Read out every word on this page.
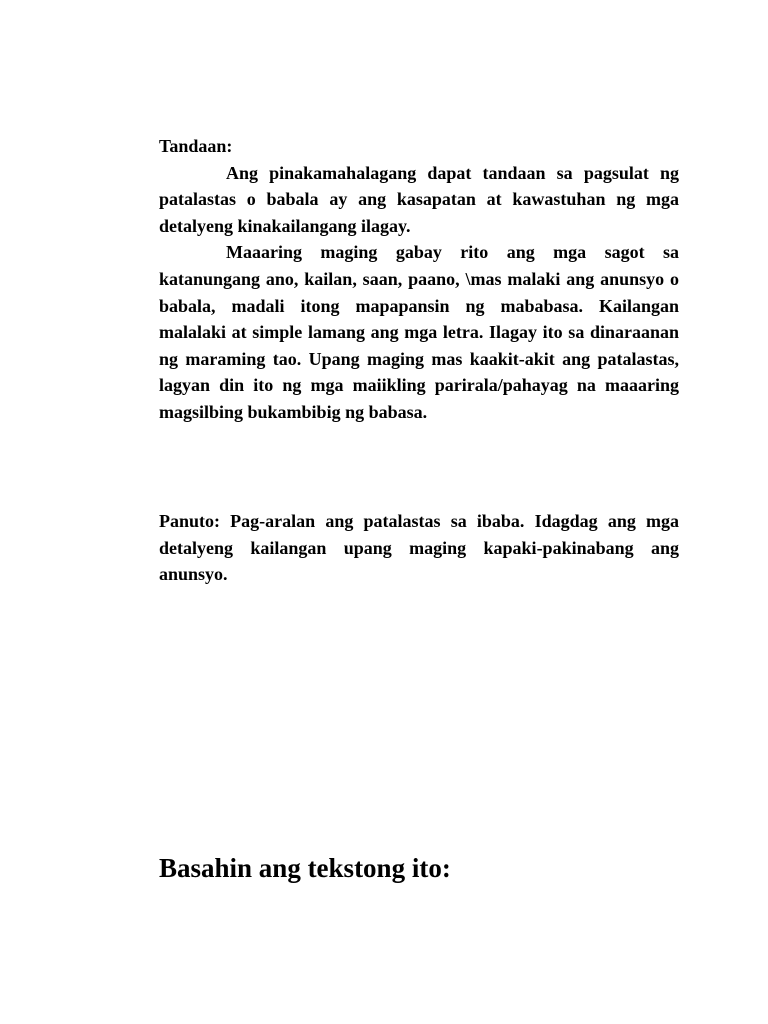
Tandaan:

Ang pinakamahalagang dapat tandaan sa pagsulat ng patalastas o babala ay ang kasapatan at kawastuhan ng mga detalyeng kinakailangang ilagay.

Maaaring maging gabay rito ang mga sagot sa katanungang ano, kailan, saan, paano, \mas malaki ang anunsyo o babala, madali itong mapapansin ng mababasa. Kailangan malalaki at simple lamang ang mga letra. Ilagay ito sa dinaraanan ng maraming tao. Upang maging mas kaakit-akit ang patalastas, lagyan din ito ng mga maiikling parirala/pahayag na maaaring magsilbing bukambibig ng babasa.

Panuto: Pag-aralan ang patalastas sa ibaba. Idagdag ang mga detalyeng kailangan upang maging kapaki-pakinabang ang anunsyo.

Basahin ang tekstong ito:
